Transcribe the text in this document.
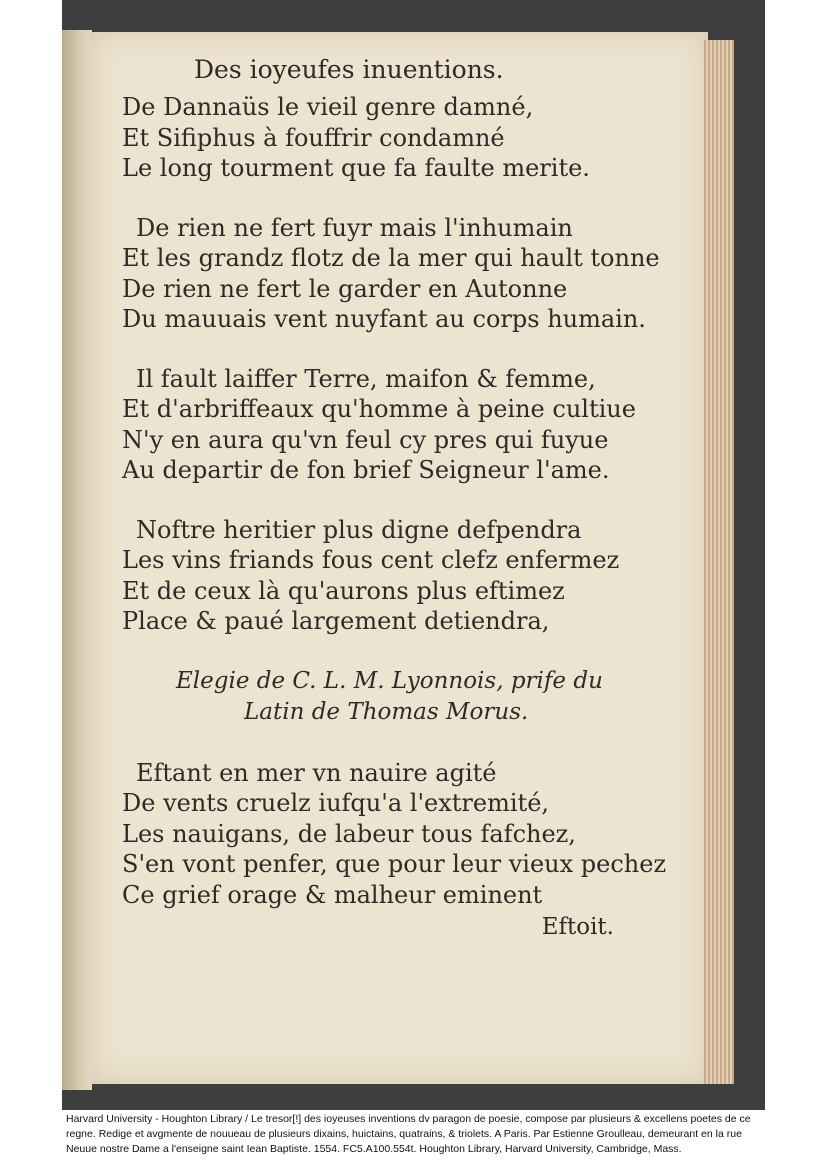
Des ioyeufes inuentions.
De Dannaüs le vieil genre damné,
Et Sifiphus à fouffrir condamné
Le long tourment que fa faulte merite.
De rien ne fert fuyr mais l'inhumain
Et les grandz flotz de la mer qui hault tonne
De rien ne fert le garder en Autonne
Du mauuais vent nuyfant au corps humain.
Il fault laiffer Terre, maifon & femme,
Et d'arbriffeaux qu'homme à peine cultiue
N'y en aura qu'vn feul cy pres qui fuyue
Au departir de fon brief Seigneur l'ame.
Noftre heritier plus digne defpendra
Les vins friands fous cent clefz enfermez
Et de ceux là qu'aurons plus eftimez
Place & paué largement detiendra,
Elegie de C. L. M. Lyonnois, prife du
Latin de Thomas Morus.
Eftant en mer vn nauire agité
De vents cruelz iufqu'a l'extremité,
Les nauigans, de labeur tous fafchez,
S'en vont penfer, que pour leur vieux pechez
Ce grief orage & malheur eminent
Eftoit.
Harvard University - Houghton Library / Le tresor[!] des ioyeuses inventions dv paragon de poesie, compose par plusieurs & excellens poetes de ce regne. Redige et avgmente de nouueau de plusieurs dixains, huictains, quatrains, & triolets. A Paris. Par Estienne Groulleau, demeurant en la rue Neuue nostre Dame a l'enseigne saint Iean Baptiste. 1554. FC5.A100.554t. Houghton Library, Harvard University, Cambridge, Mass.
